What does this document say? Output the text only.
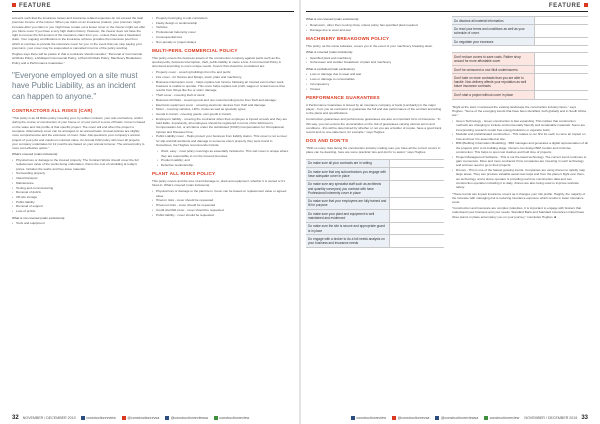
FEATURE

at levels such that the insurance losses and insurance-related expenses do not exceed the total premium income of the insurer. When you claim on an insurance product, your premium might increase after you claim or you might have to take out a lesser cover or the insurer might not offer you future cover if you have a very high claims history. However, the insurer does not have the right to recover the full amount of the insurance claim from you - unless there was a fraudulent claim. Your ongoing contributions to the insurance scheme provides the insurance pool from which to continue to provide the insurance cover for you. In the event that you stop paying your premiums, your cover may be suspended or cancelled in terms of the policy wording.

Hughes says there will be justice in that a contractor should consider: "Personal or Commercial All Risks Policy; a Multiperil Commercial Policy; a Plant All Risks Policy; Machinery Breakdown Policy and a Performance Guarantee."

"Everyone employed on a site must have Public Liability, as an incident can happen to anyone."
CONTRACTORS ALL RISKS (CAR)

"This policy is an All Risks policy covering your, by written contract, your sub-contractors, and/or during the course of construction of your house or of your part of a once-off basis. Cover is based on the value and risk profile of that specific project. The cover will end when the project is complete. Alternatively cover can be arranged on an annual basis. Annual policies are slightly more comprehensive and the extension of cover. Note: Ask questions your company's annual project of your jobs and maximum contract value. An Annual CAR policy will cover all projects your company undertakes for 12 months are based on your annual turnover. The annual policy is more cost-effective option."

What's covered (main inclusions):

• Physical loss or damage to the insured property. The Contract Works should cover the full replacement value of the works being undertaken, that is the cost of rebuilding at today's prices. Includes the works and free-issue materials
• Surrounding property
• Inland transport
• Maintenance
• Testing and commissioning
• Removal of debris
• Off-site storage
• Public liability
• Removal of support
• Loss of profits

What is not covered (main exclusions):

• Tools and equipment
• Property belonging to sub-contractors
• Faulty design or workmanship
• Vehicles
• Professional Indemnity cover
• Consequential loss
• Non-penalty or project delays
MULTI-PERIL COMMERCIAL POLICY

This policy covers the business assets of the construction company against perils such as fire, special perils, business interruption, theft, public liability to name a few. A Commercial Policy is structured according to one's unique needs. Covers that should be considered are:

• Property cover - covering buildings from fire and perils;
• Fire cover - for fixtures and fittings, stock, plant and machinery;
• Business interruption cover - helps replace lost income following an insured event when work-business is unable to operate. This cover helps replace lost profit, wages or rental income that results from things like fire or storm damage;
• Theft cover - covering theft of stock;
• Business All Risks - covering tools and non-motor/vending items from theft and damage;
• Electronic equipment cover - covering electronic devices from theft and damage;
• Motor - covering vehicles, LDVs, trucks as well as specialty types;
• Goods in transit - covering goods, own goods in transit;
• Employers' liability - covering the contractor when their employee is injured at work and they are held liable. Importantly, all employees should be registered in terms of the Workmen's Compensation Act, or all claims under the substituted (COID) Compensation for Occupational Injuries and Diseases Fine;
• Public Liability cover - Helps protect your business from liability claims. This cover is not a cover for slip-and-fall accidents and damage to someone else's property they were found in. Sometimes, the Hughes recommends include:
• Work, easy - most policy coverings as essentially included to. This sub cover is unique where they are responsible to run the insured premises;
• Product Liability; and
• Defective workmanship.
PLANT ALL RISKS POLICY

This policy covers and the loss of and damage to, plant and equipment, whether it is owned or it's hired-in. What's covered (main inclusions):

• Physical loss or damage to the plant item. Cover can be based on replacement value or agreed value
• Hired-in risks - cover should be requested
• Hired-out risks - cover should be requested
• Credit shortfall cover - cover should be requested
• Public liability - cover should be requested
32 NOVEMBER / DECEMBER 2019	constructionreview	@constructionrevsa	@constructionreviewsa	constructionreview
FEATURE

What is not covered (main exclusions):

• Road-worn, other then moving show, unless policy has specified plant required
• Damage due to wear and tear
MACHINERY BREAKDOWN POLICY

This policy, as the name indicates, covers you in the event of your machinery breaking down.

What is covered (main inclusions):

• Specified plant and machinery
• Unforeseen and sudden breakdown of plant and machinery

What is excluded (main exclusions):

• Loss or damage due to wear and tear
• Loss or damage to consumables
• Incompetency
• Viruses
PERFORMANCE GUARANTEES

A Performance Guarantee is issued by an insurance company or bank (Lombardy) in the major player - from you as contractor to guarantee the full and due performance of the contract according to the plans and specifications.

Construction guarantees and performance guarantees are also an important form of insurance. "In this way, you can ensure the uncertainties on the risk of guarantees varying various terms and conditions - this will be determined by whether or not you are a builder of repute, have a good track record and no one-statement, for example," says Hughes.

DOS AND DON'TS

"With so many risks facing the construction industry making sure you have all the correct covers in place can be daunting, here are some practical 'dos and don'ts' to assist," says Hughes:

Do make sure all your contracts are in writing
Do make sure that any subcontractors you engage with have adequate cover in place
Do make sure any specialist staff such as architects and quantity surveyors) you contract with have Professional Indemnity cover in place
Do make sure that your employees are fully trained and fit for purpose
Do make sure your plant and equipment is well maintained and evidenced
Do make sure the site is secure and appropriate guard is in place
Do engage with a broker to do a full needs analysis on your business and insurance needs
Do disclose all material information.
Do read your terms and conditions as well as your schedule of cover.
Do negotiate your excesses
Don't reduce covers to save costs. Rather shop around for more affordable cover
Don't be uninsured or use illicit underinsurers
Don't take on more contracts than you are able to handle. Non-delivery affects your reputation as well future insurance contracts
Don't start a project without cover in place

"Right at the start I mentioned the existing landscape the construction industry faces," says Hughes. "Some of the emerging trends that have been identified, both globally and in South Africa, are:"

• Green Technology - Green construction is fast expanding. This implies that construction methods are changing to include environmentally friendly and sustainable materials. Some are incorporating research model free energy/solutions or cigarette butts;
• Modular and prefabricated construction - This relates to our first for each to come an impact on how and how it is assembled at site;
• BIM (Building Information Modelling) - BIM manages and generates a digital representation of all the projects prior to its building stage. Owners can design BIM models and minimise construction. This helps to spot cost clashes and hold time of projects;
• Project Management Software - This is not the latest technology. The current trend continues to gain momentum. More and more contractor firms companies are investing in such technology and at times need to go to their projects;
• Drones - This is one of the fastest growing trends. Companies are using drones to rapidly map large areas. They can produce valuable aerial real maps and from the plane's flight over them, we technology, and a drone operator is providing real time construction data and can construction operation including it to daily, drones are also being used to improve worksite safety.

"These trends can impact insurance covers as it changes your risk profile. Happily, the majority of the increase with managing risk is reducing insurance exposure which results in lower insurance costs.

"Construction and insurance are complex industries. It is important to engage with brokers that understand your business and your needs. Standard Bank and Standard Insurance Limited have three teams in place accompany you on your journey," concludes Hughes. ■

constructionreview	@constructionrevsa	@constructionreviewsa	constructionreview NOVEMBER / DECEMBER 2019 33
